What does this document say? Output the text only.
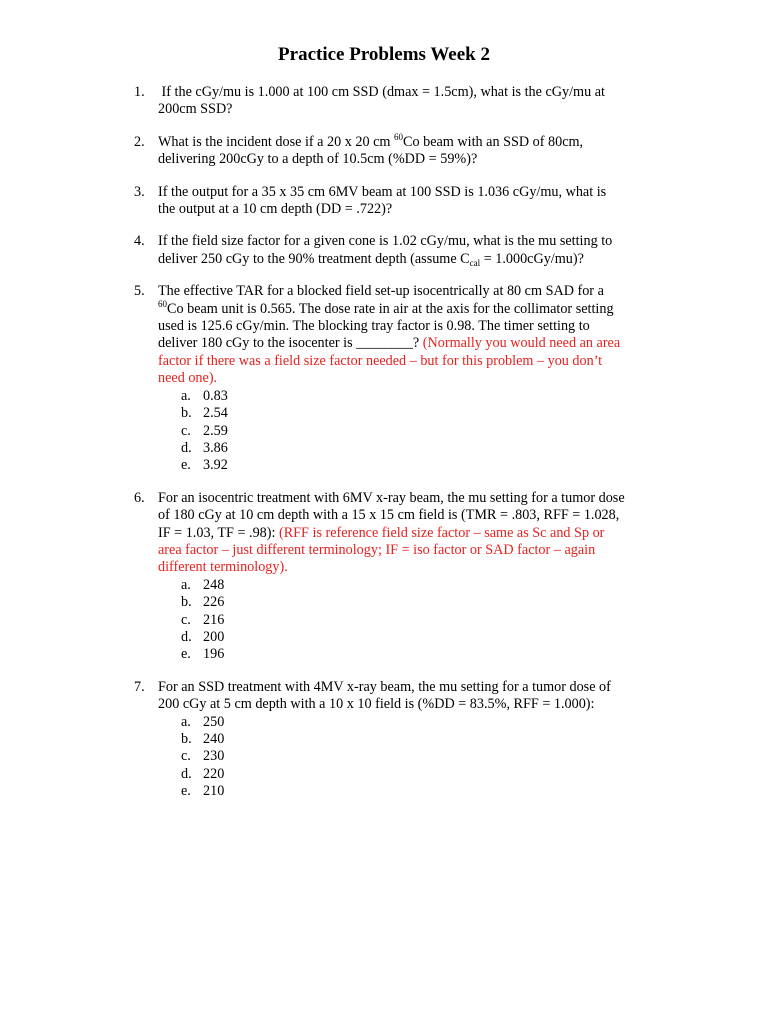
Practice Problems Week 2
1. If the cGy/mu is 1.000 at 100 cm SSD (dmax = 1.5cm), what is the cGy/mu at
200cm SSD?
2. What is the incident dose if a 20 x 20 cm $^{60}$Co beam with an SSD of 80cm,
delivering 200cGy to a depth of 10.5cm (%DD = 59%)?
3. If the output for a 35 x 35 cm 6MV beam at 100 SSD is 1.036 cGy/mu, what is
the output at a 10 cm depth (DD = .722)?
4. If the field size factor for a given cone is 1.02 cGy/mu, what is the mu setting to
deliver 250 cGy to the 90% treatment depth (assume $C_{cal} = 1.000cGy/mu$)?
5. The effective TAR for a blocked field set-up isocentrically at 80 cm SAD for a
$^{60}$Co beam unit is 0.565. The dose rate in air at the axis for the collimator setting
used is 125.6 cGy/min. The blocking tray factor is 0.98. The timer setting to
deliver 180 cGy to the isocenter is ________? (Normally you would need an area
factor if there was a field size factor needed – but for this problem – you don’t
need one).
a. 0.83
b. 2.54
c. 2.59
d. 3.86
e. 3.92
6. For an isocentric treatment with 6MV x-ray beam, the mu setting for a tumor dose
of 180 cGy at 10 cm depth with a 15 x 15 cm field is (TMR = .803, RFF = 1.028,
IF = 1.03, TF = .98): (RFF is reference field size factor – same as Sc and Sp or
area factor – just different terminology; IF = iso factor or SAD factor – again
different terminology).
a. 248
b. 226
c. 216
d. 200
e. 196
7. For an SSD treatment with 4MV x-ray beam, the mu setting for a tumor dose of
200 cGy at 5 cm depth with a 10 x 10 field is (%DD = 83.5%, RFF = 1.000):
a. 250
b. 240
c. 230
d. 220
e. 210
